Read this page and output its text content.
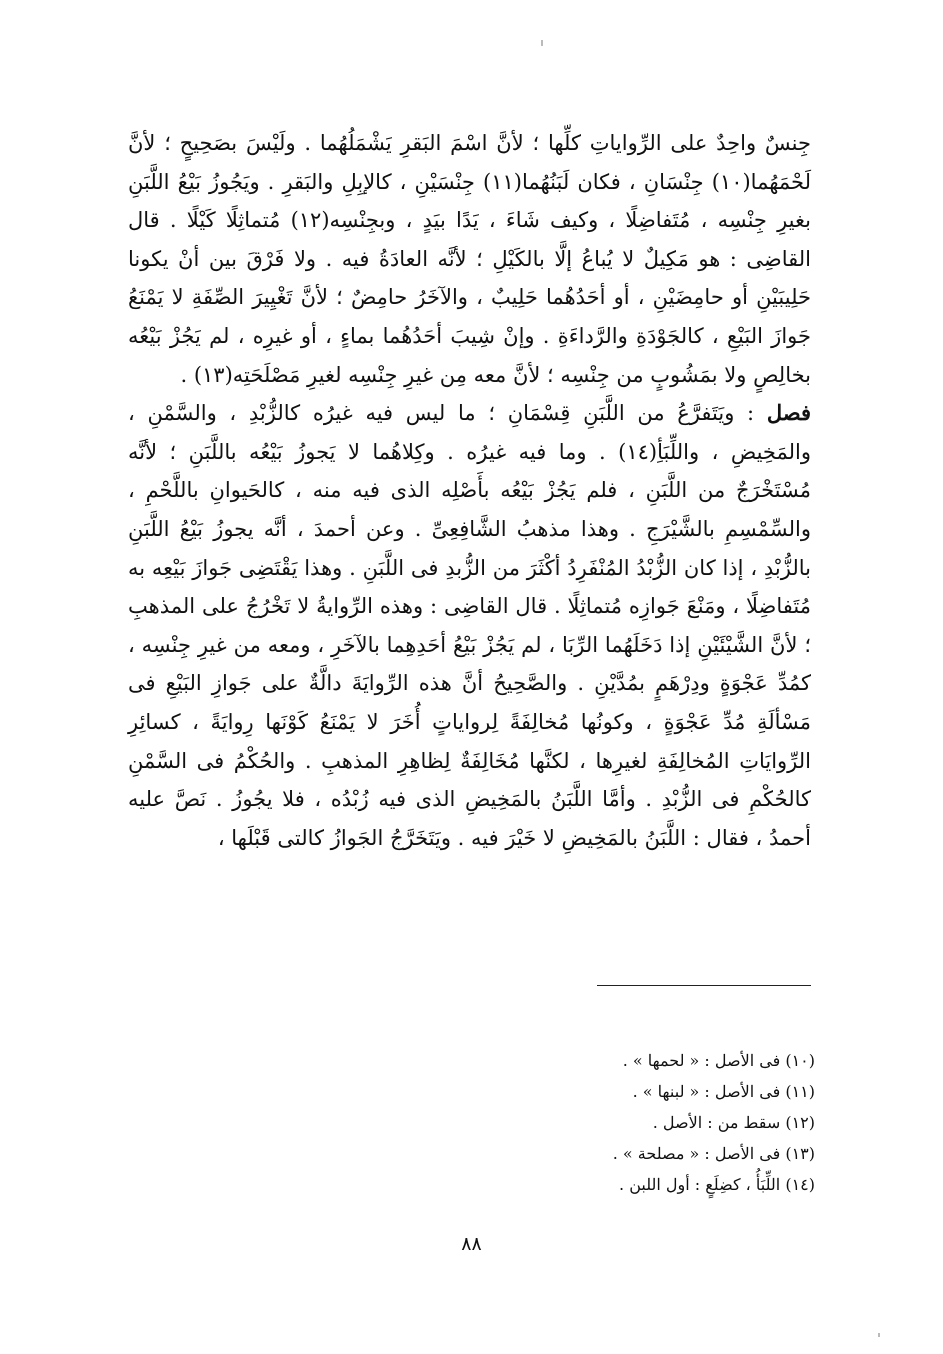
جِنسٌ واحِدٌ على الرِّواياتِ كلِّها ؛ لأنَّ اسْمَ البَقرِ يَشْمَلُهُما . ولَيْسَ بصَحِيحٍ ؛ لأنَّ لَحْمَهُما(١٠) جِنْسَانِ ، فكان لَبَنُهُما(١١) جِنْسَيْنِ ، كالإبِلِ والبَقرِ . ويَجُوزُ بَيْعُ اللَّبَنِ بغيرِ جِنْسِه ، مُتَفاضِلًا ، وكيف شَاءَ ، يَدًا بيَدٍ ، وبجِنْسِه(١٢) مُتماثِلًا كَيْلًا . قال القاضِى : هو مَكِيلٌ لا يُباعُ إلَّا بالكَيْلِ ؛ لأنَّه العادَةُ فيه . ولا فَرْقَ بين أنْ يكونا حَلِيبَيْنِ أو حامِضَيْنِ ، أو أحَدُهُما حَلِيبٌ ، والآخَرُ حامِضٌ ؛ لأنَّ تَغْيِيرَ الصِّفَةِ لا يَمْنَعُ جَوازَ البَيْعِ ، كالجَوْدَةِ والرَّداءَةِ . وإنْ شِيبَ أحَدُهُما بماءٍ ، أو غيرِه ، لم يَجُزْ بَيْعُه بخالِصٍ ولا بمَشُوبٍ من جِنْسِه ؛ لأنَّ معه مِن غيرِ جِنْسِه لغيرِ مَصْلَحَتِه(١٣) .

فصل : ويَتَفرَّعُ من اللَّبَنِ قِسْمَانِ ؛ ما ليس فيه غيرُه كالزُّبْدِ ، والسَّمْنِ ، والمَخِيضِ ، واللِّبَأِ(١٤) . وما فيه غيرُه . وكِلاهُما لا يَجوزُ بَيْعُه باللَّبَنِ ؛ لأنَّه مُسْتَخْرَجٌ من اللَّبَنِ ، فلم يَجُزْ بَيْعُه بأَصْلِه الذى فيه منه ، كالحَيوانِ باللَّحْمِ ، والسِّمْسِمِ بالشَّيْرَجِ . وهذا مذهبُ الشَّافِعِىِّ . وعن أحمدَ ، أنَّه يجوزُ بَيْعُ اللَّبَنِ بالزُّبْدِ ، إذا كان الزُّبْدُ المُنْفَرِدُ أكْثَرَ من الزُّبدِ فى اللَّبَنِ . وهذا يَقْتَضِى جَوازَ بَيْعِه به مُتَفاضِلًا ، ومَنْعَ جَوازِه مُتماثِلًا . قال القاضِى : وهذه الرِّوايةُ لا تَخْرُجُ على المذهبِ ؛ لأنَّ الشَّيْئَيْنِ إذا دَخَلَهُما الرِّبَا ، لم يَجُزْ بَيْعُ أحَدِهِما بالآخَرِ ، ومعه من غيرِ جِنْسِه ، كمُدِّ عَجْوَةٍ ودِرْهَمٍ بمُدَّيْنِ . والصَّحِيحُ أنَّ هذه الرِّوايَةَ دالَّةٌ على جَوازِ البَيْعِ فى مَسْألَةِ مُدِّ عَجْوَةٍ ، وكونُها مُخالِفَةً لِرواياتٍ أُخَرَ لا يَمْنَعُ كَوْنَها رِوايَةً ، كسائِرِ الرِّوايَاتِ المُخالِفَةِ لغيرِها ، لكنَّها مُخَالِفَةٌ لِظاهِرِ المذهبِ . والحُكْمُ فى السَّمْنِ كالحُكْمِ فى الزُّبْدِ . وأمَّا اللَّبَنُ بالمَخِيضِ الذى فيه زُبْدُه ، فلا يجُوزُ . نَصَّ عليه أحمدُ ، فقال : اللَّبَنُ بالمَخِيضِ لا خَيْرَ فيه . ويَتَخَرَّجُ الجَوازُ كالتى قَبْلَها ،

(١٠) فى الأصل : « لحمها » .
(١١) فى الأصل : « لبنها » .
(١٢) سقط من : الأصل .
(١٣) فى الأصل : « مصلحة » .
(١٤) اللِّبَأُ ، كضِلَعٍ : أول اللبن .
٨٨
